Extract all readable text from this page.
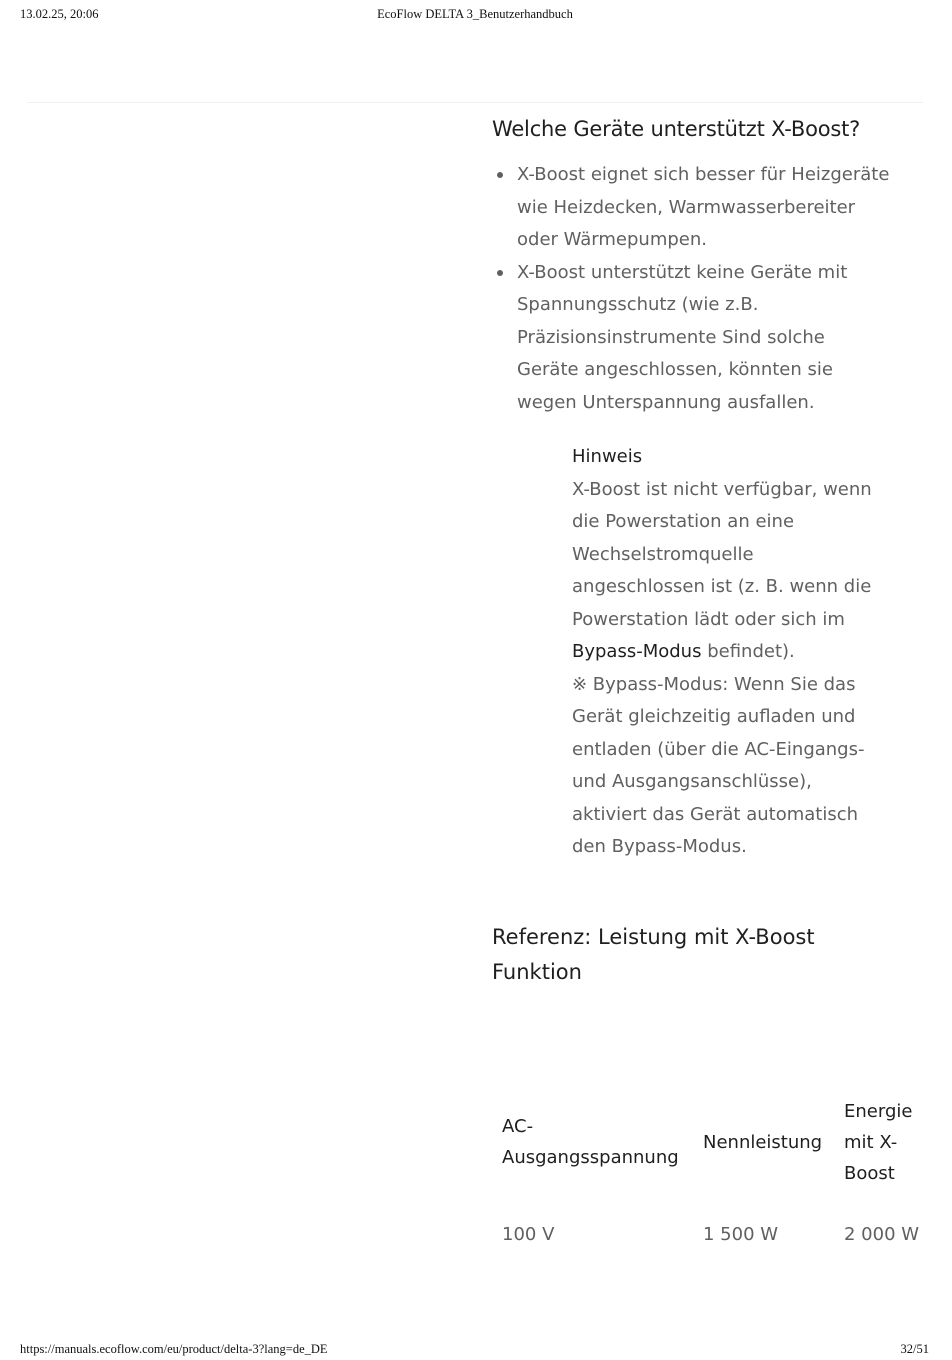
13.02.25, 20:06	EcoFlow DELTA 3_Benutzerhandbuch
Welche Geräte unterstützt X-Boost?
X-Boost eignet sich besser für Heizgeräte wie Heizdecken, Warmwasserbereiter oder Wärmepumpen.
X-Boost unterstützt keine Geräte mit Spannungsschutz (wie z.B. Präzisionsinstrumente Sind solche Geräte angeschlossen, könnten sie wegen Unterspannung ausfallen.
Hinweis

X-Boost ist nicht verfügbar, wenn die Powerstation an eine Wechselstromquelle angeschlossen ist (z. B. wenn die Powerstation lädt oder sich im Bypass-Modus befindet).

※ Bypass-Modus: Wenn Sie das Gerät gleichzeitig aufladen und entladen (über die AC-Eingangs- und Ausgangsanschlüsse), aktiviert das Gerät automatisch den Bypass-Modus.

Referenz: Leistung mit X-Boost Funktion
AC-Ausgangsspannung	Nennleistung	Energie mit X-Boost
100 V	1 500 W	2 000 W
https://manuals.ecoflow.com/eu/product/delta-3?lang=de_DE	32/51
